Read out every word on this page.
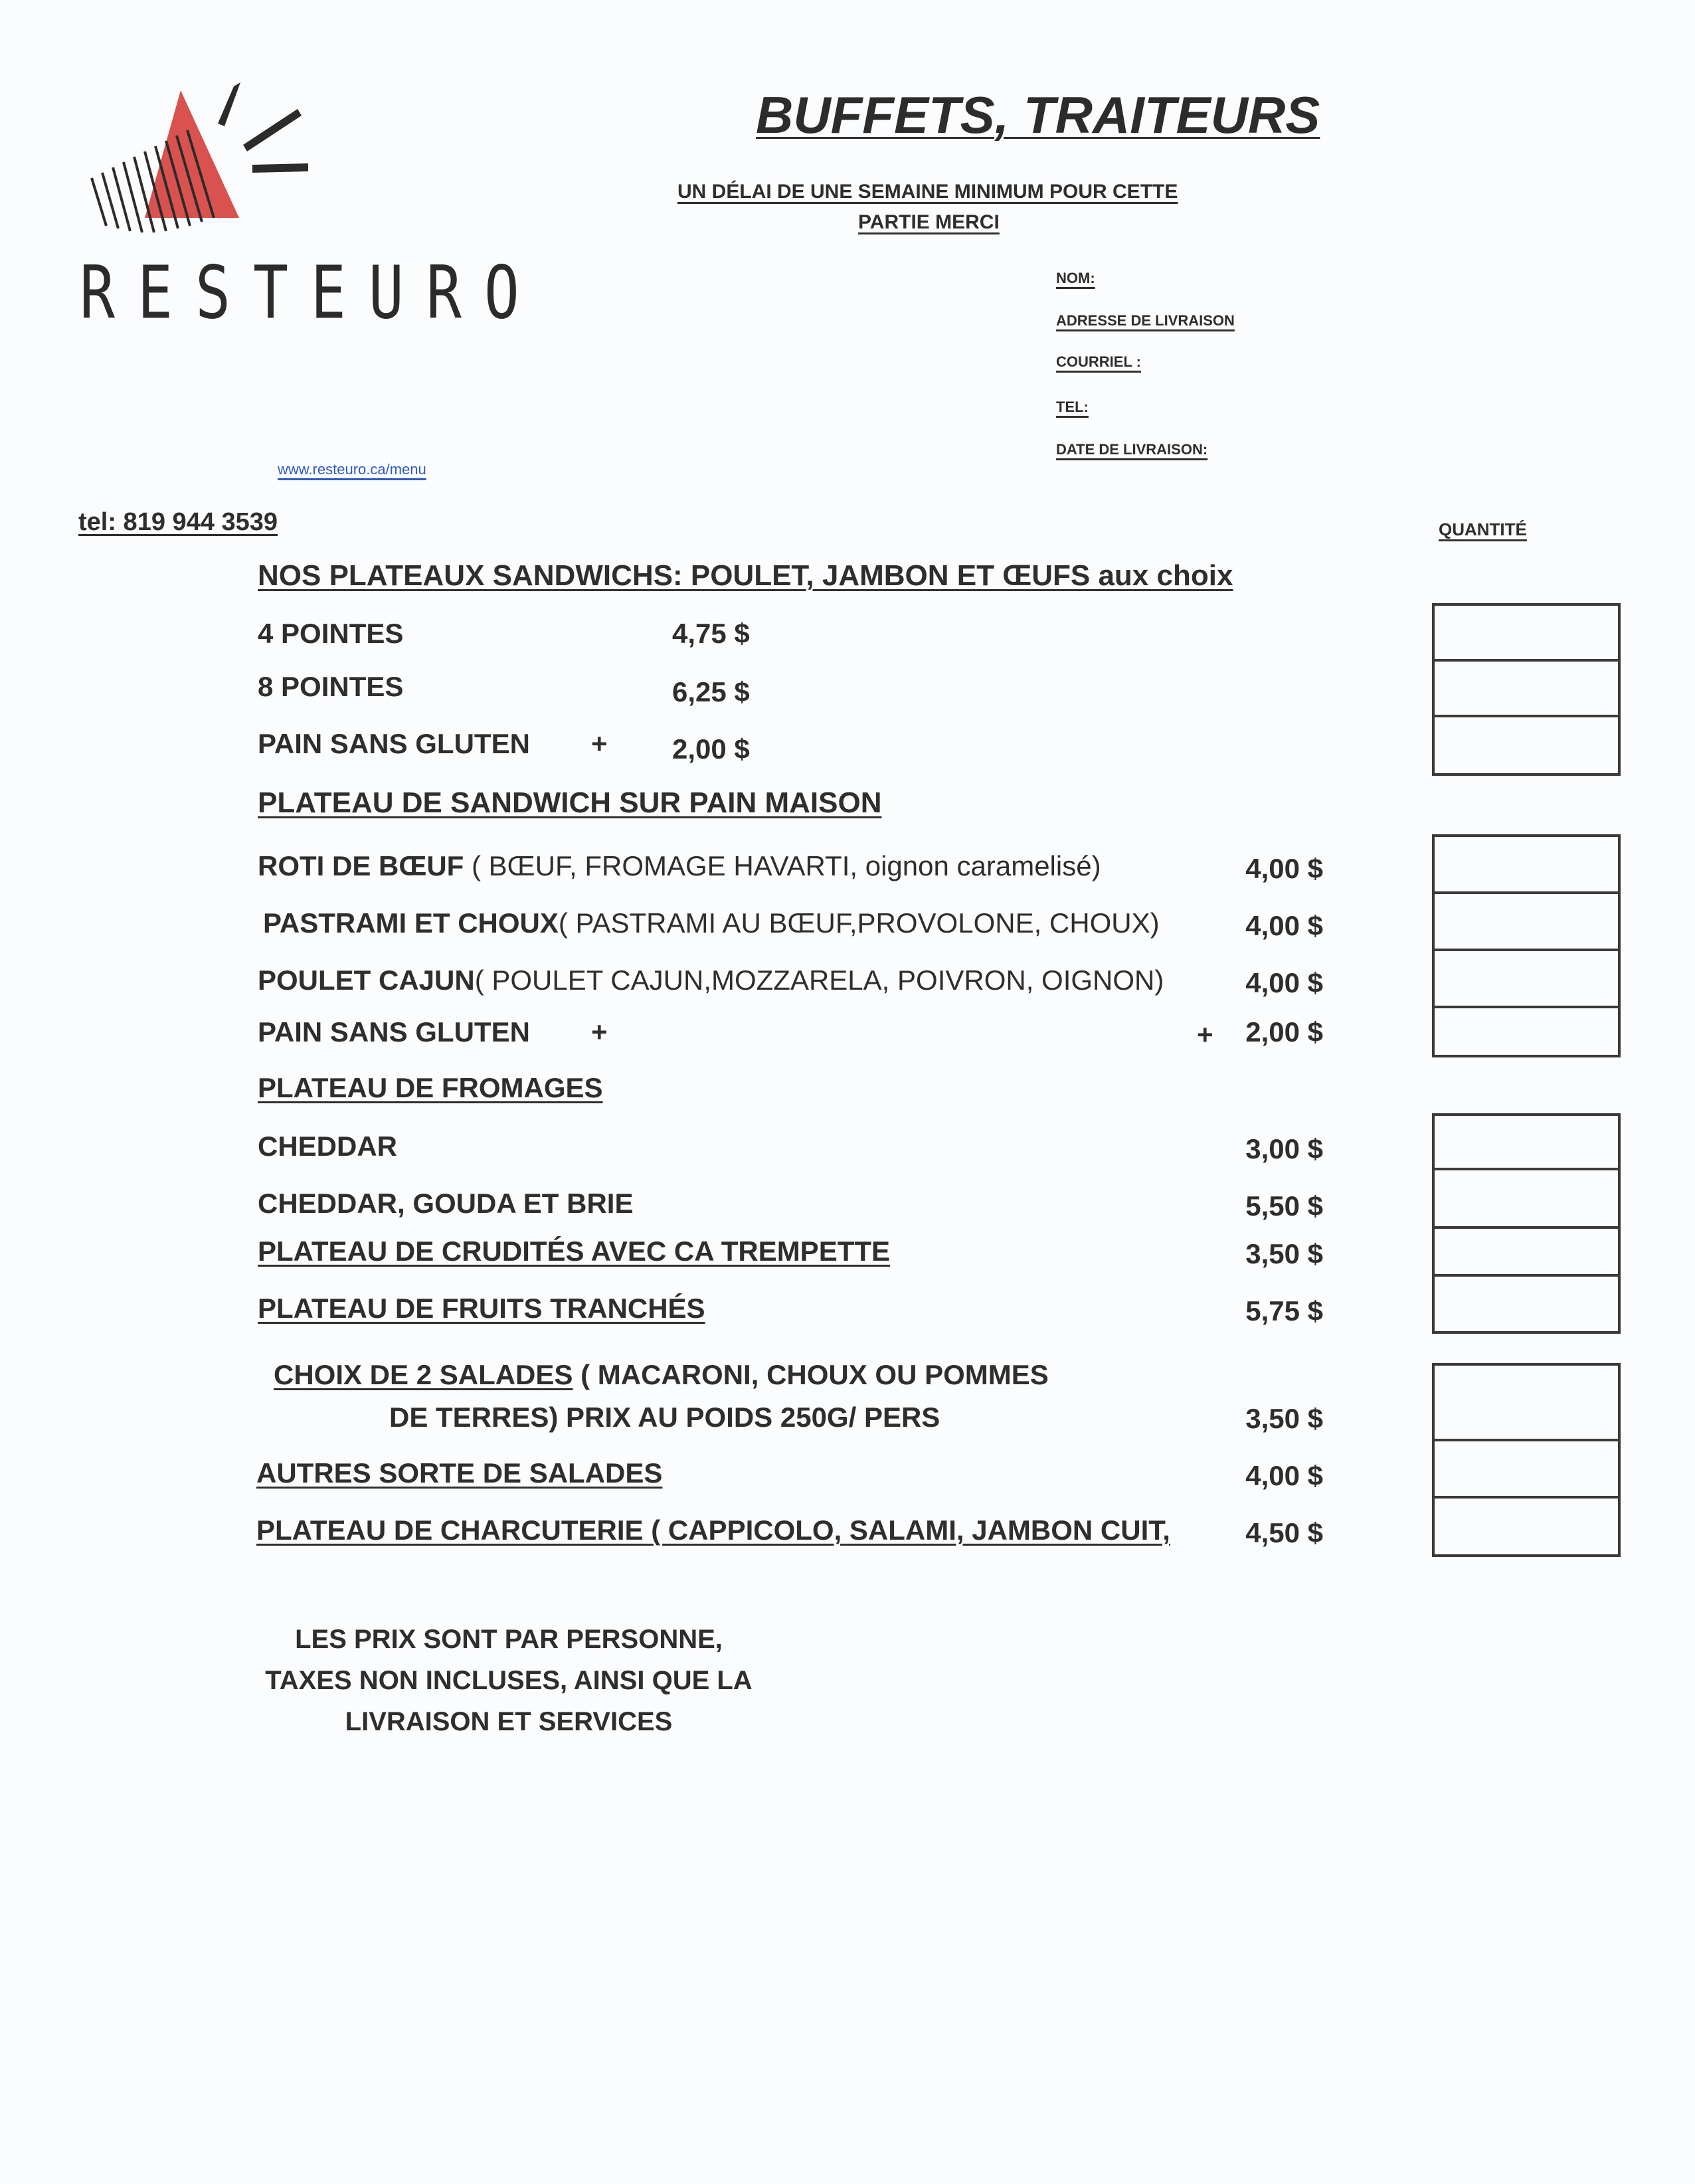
RESTEURO
BUFFETS, TRAITEURS
UN DÉLAI DE UNE SEMAINE MINIMUM POUR CETTE
PARTIE MERCI
NOM:
ADRESSE DE LIVRAISON
COURRIEL :
TEL:
DATE DE LIVRAISON:
www.resteuro.ca/menu
tel: 819 944 3539	QUANTITÉ
NOS PLATEAUX SANDWICHS: POULET, JAMBON ET ŒUFS aux choix
4 POINTES	4,75 $
8 POINTES	6,25 $
PAIN SANS GLUTEN + 2,00 $
PLATEAU DE SANDWICH SUR PAIN MAISON
ROTI DE BŒUF ( BŒUF, FROMAGE HAVARTI, oignon caramelisé)	4,00 $
PASTRAMI ET CHOUX( PASTRAMI AU BŒUF,PROVOLONE, CHOUX)	4,00 $
POULET CAJUN( POULET CAJUN,MOZZARELA, POIVRON, OIGNON)	4,00 $
PAIN SANS GLUTEN +	+ 2,00 $
PLATEAU DE FROMAGES
CHEDDAR	3,00 $
CHEDDAR, GOUDA ET BRIE	5,50 $
PLATEAU DE CRUDITÉS AVEC CA TREMPETTE	3,50 $
PLATEAU DE FRUITS TRANCHÉS	5,75 $
CHOIX DE 2 SALADES ( MACARONI, CHOUX OU POMMES
DE TERRES) PRIX AU POIDS 250G/ PERS	3,50 $
AUTRES SORTE DE SALADES	4,00 $
PLATEAU DE CHARCUTERIE ( CAPPICOLO, SALAMI, JAMBON CUIT,	4,50 $
LES PRIX SONT PAR PERSONNE,
TAXES NON INCLUSES, AINSI QUE LA
LIVRAISON ET SERVICES
